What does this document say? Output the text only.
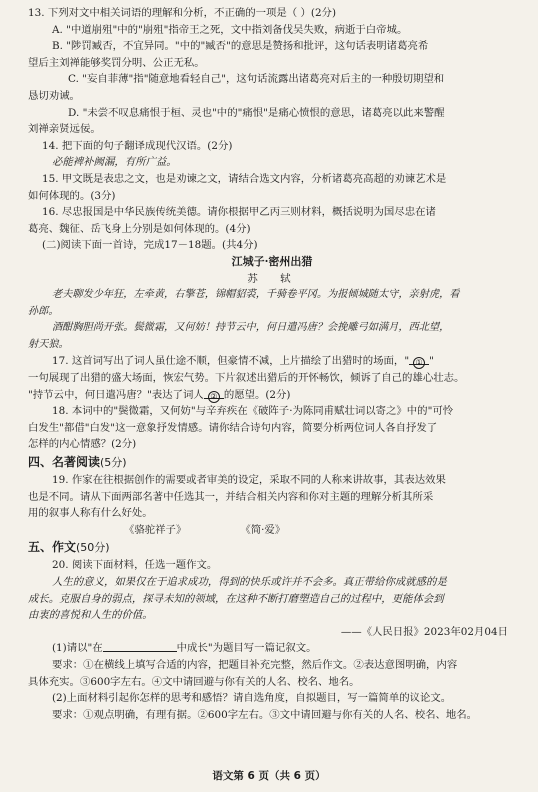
13. 下列对文中相关词语的理解和分析，不正确的一项是（ ）(2分)
A. "中道崩殂"中的"崩殂"指帝王之死，文中指刘备伐吴失败，病逝于白帝城。
B. "陟罚臧否，不宜异同。"中的"臧否"的意思是赞扬和批评，这句话表明诸葛亮希
望后主刘禅能够奖罚分明、公正无私。
C. "妄自菲薄"指"随意地看轻自己"，这句话流露出诸葛亮对后主的一种殷切期望和
恳切劝诫。
D. "未尝不叹息痛恨于桓、灵也"中的"痛恨"是痛心愤恨的意思，诸葛亮以此来警醒
刘禅亲贤远佞。
14. 把下面的句子翻译成现代汉语。(2分)
必能裨补阙漏，有所广益。
15. 甲文既是表忠之文，也是劝谏之文，请结合选文内容，分析诸葛亮高超的劝谏艺术是
如何体现的。(3分)
16. 尽忠报国是中华民族传统美德。请你根据甲乙丙三则材料，概括说明为国尽忠在诸
葛亮、魏征、岳飞身上分别是如何体现的。(4分)
(二)阅读下面一首诗，完成17－18题。(共4分)
江城子·密州出猎
苏　轼
老夫聊发少年狂，左牵黄，右擎苍，锦帽貂裘，千骑卷平冈。为报倾城随太守，亲射虎，看
孙郎。
酒酣胸胆尚开张。鬓微霜，又何妨！持节云中，何日遣冯唐？会挽雕弓如满月，西北望，
射天狼。
17. 这首词写出了词人虽仕途不顺，但豪情不减，上片描绘了出猎时的场面，" ① "
一句展现了出猎的盛大场面，恢宏气势。下片叙述出猎后的开怀畅饮，倾诉了自己的雄心壮志。
"持节云中，何日遣冯唐？"表达了词人 ② 的愿望。(2分)
18. 本词中的"鬓微霜，又何妨"与辛弃疾在《破阵子·为陈同甫赋壮词以寄之》中的"可怜
白发生"都借"白发"这一意象抒发情感。请你结合诗句内容，简要分析两位词人各自抒发了
怎样的内心情感？(2分)
四、名著阅读(5分)
19. 作家在往根据创作的需要或者审美的设定，采取不同的人称来讲故事，其表达效果
也是不同。请从下面两部名著中任选其一，并结合相关内容和你对主题的理解分析其所采
用的叙事人称有什么好处。
《骆驼祥子》	《简·爱》
五、作文(50分)
20. 阅读下面材料，任选一题作文。
人生的意义，如果仅在于追求成功，得到的快乐或许并不会多。真正带给你成就感的是
成长。克服自身的弱点，探寻未知的领域，在这种不断打磨塑造自己的过程中，更能体会到
由衷的喜悦和人生的价值。
——《人民日报》2023年02月04日
(1)请以"在	中成长"为题目写一篇记叙文。
要求：①在横线上填写合适的内容，把题目补充完整，然后作文。②表达意图明确，内容
具体充实。③600字左右。④文中请回避与你有关的人名、校名、地名。
(2)上面材料引起你怎样的思考和感悟？请自选角度，自拟题目，写一篇简单的议论文。
要求：①观点明确，有理有据。②600字左右。③文中请回避与你有关的人名、校名、地名。
语文第 6 页（共 6 页）
